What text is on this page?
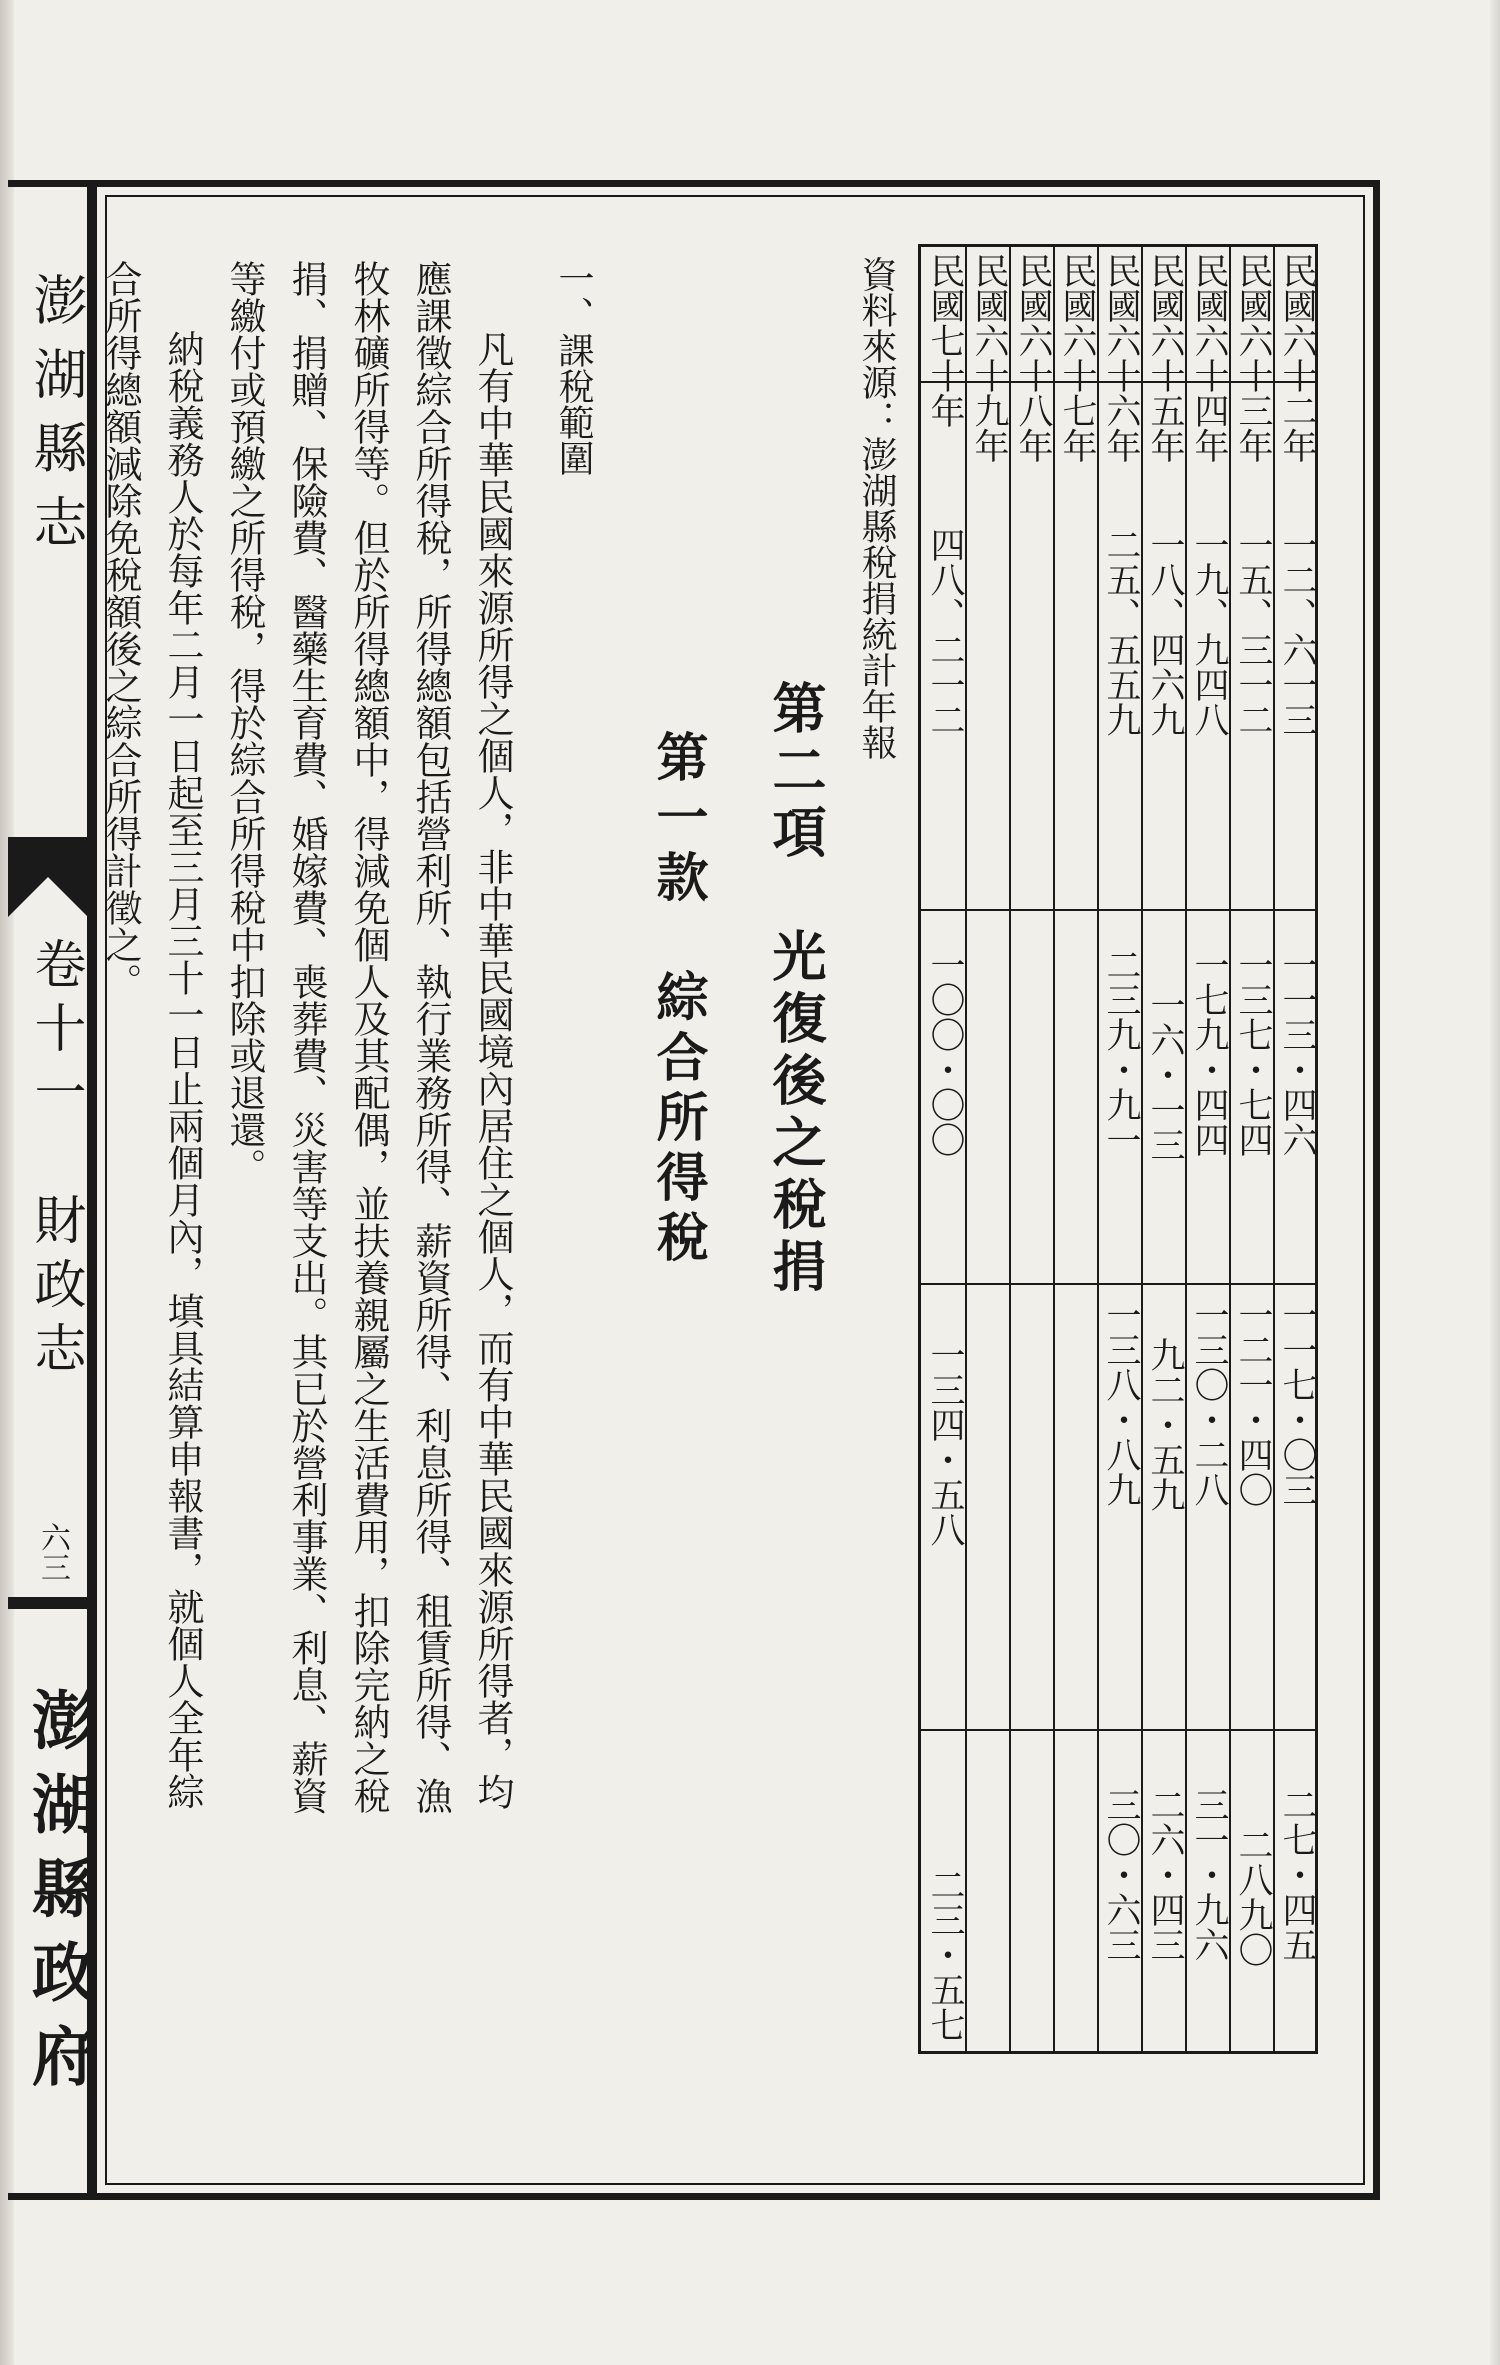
澎湖縣志
卷十一　財政志
六三
澎湖縣政府
民國六十二年
一二、六一三
一一三・四六
一一七・〇三
二七・四五
民國六十三年
一五、三一二
一三七・七四
一二一・四〇
二八九〇
民國六十四年
一九、九四八
一七九・四四
一三〇・二八
三一・九六
民國六十五年
一八、四六九
一六・一三
九二・五九
二六・四三
民國六十六年
二五、五五九
二三九・九一
一三八・八九
三〇・六三
民國六十七年
民國六十八年
民國六十九年
民國七十年
四八、二一二
一〇〇・〇〇
一三四・五八
二三・五七
資料來源：澎湖縣稅捐統計年報
第二項　光復後之稅捐
第一款　綜合所得稅
一、課稅範圍
凡有中華民國來源所得之個人，非中華民國境內居住之個人，而有中華民國來源所得者，均
應課徵綜合所得稅，所得總額包括營利所、執行業務所得、薪資所得、利息所得、租賃所得、漁
牧林礦所得等。但於所得總額中，得減免個人及其配偶，並扶養親屬之生活費用，扣除完納之稅
捐、捐贈、保險費、醫藥生育費、婚嫁費、喪葬費、災害等支出。其已於營利事業、利息、薪資
等繳付或預繳之所得稅，得於綜合所得稅中扣除或退還。
納稅義務人於每年二月一日起至三月三十一日止兩個月內，填具結算申報書，就個人全年綜
合所得總額減除免稅額後之綜合所得計徵之。
